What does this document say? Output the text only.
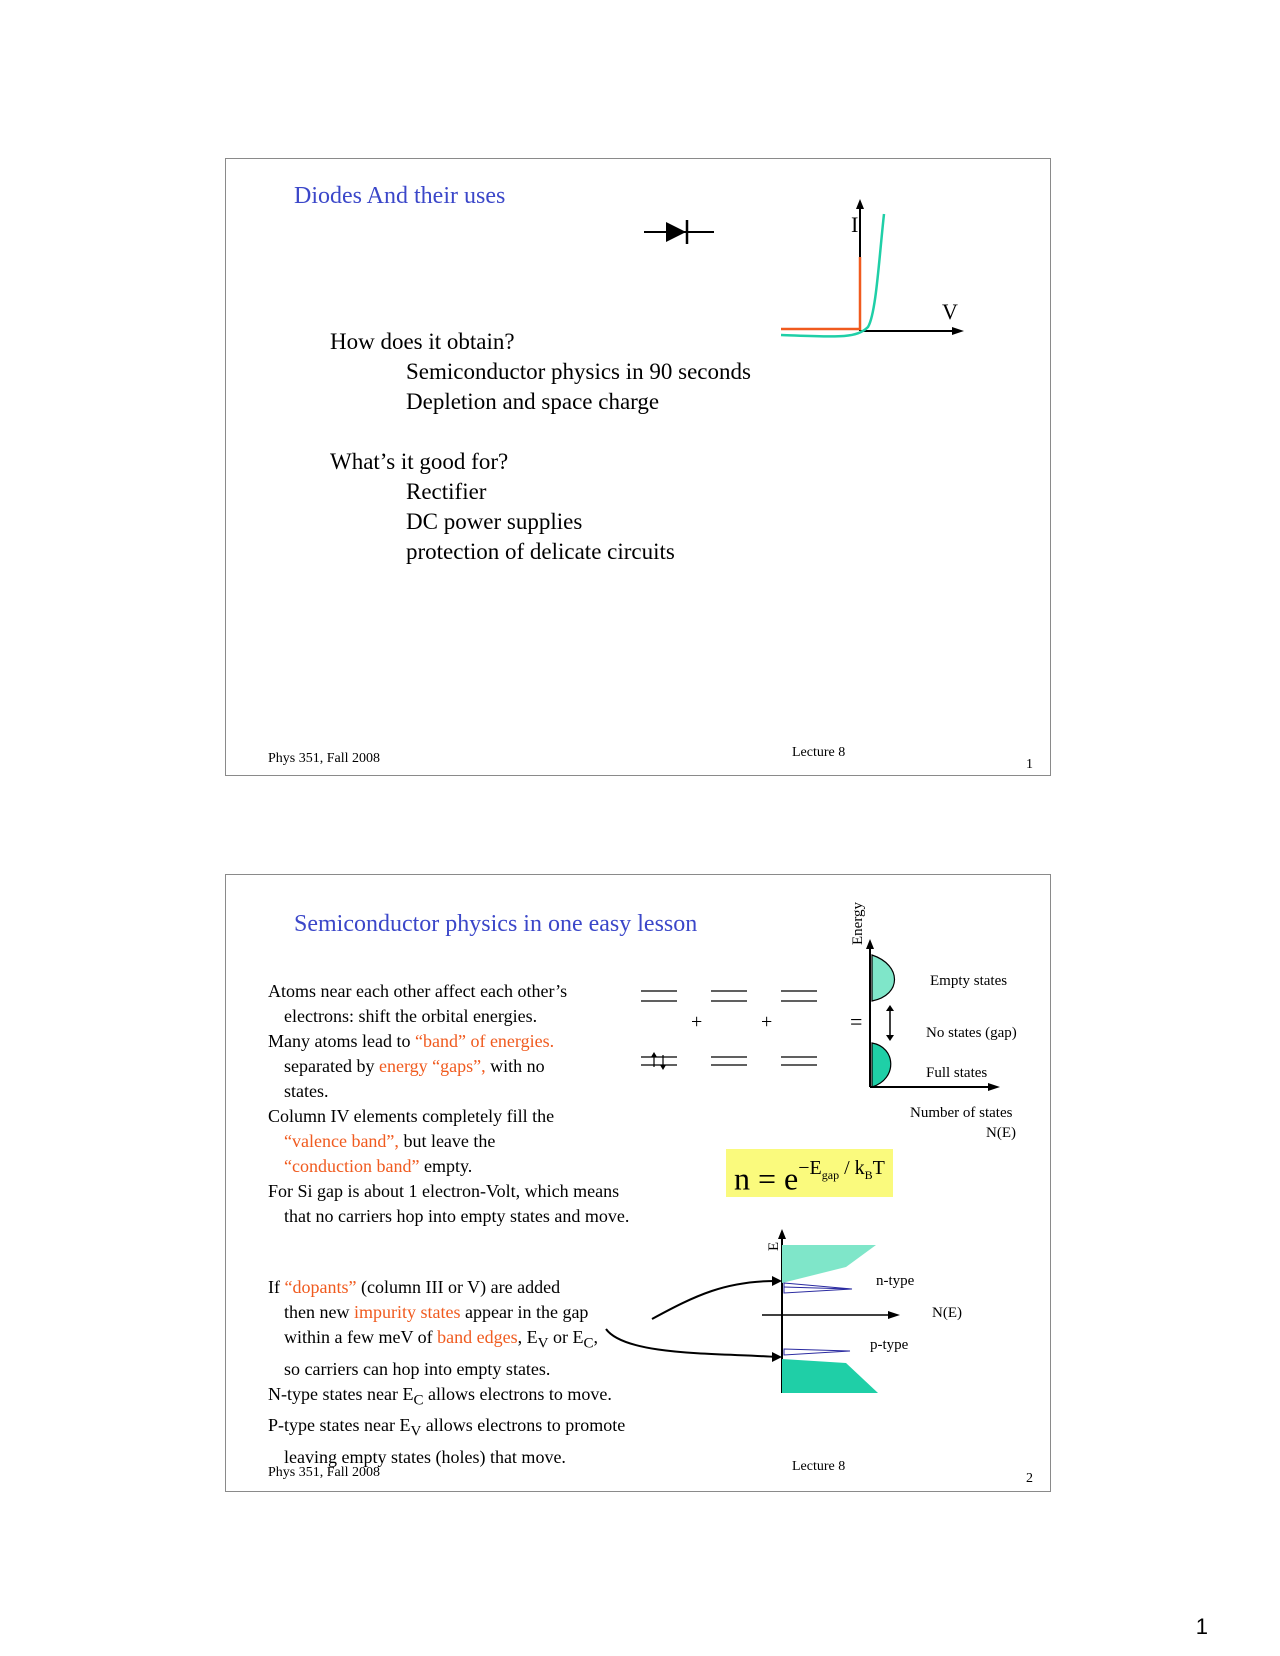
Diodes And their uses
I
V
How does it obtain?
Semiconductor physics in 90 seconds
Depletion and space charge
What’s it good for?
Rectifier
DC power supplies
protection of delicate circuits
Phys 351, Fall 2008	Lecture 8
1
Semiconductor physics in one easy lesson
Atoms near each other affect each other’s
electrons: shift the orbital energies.
Many atoms lead to “band” of energies.
separated by energy “gaps”, with no
states.
Column IV elements completely fill the
“valence band”, but leave the
“conduction band” empty.
For Si gap is about 1 electron-Volt, which means
that no carriers hop into empty states and move.
If “dopants” (column III or V) are added
then new impurity states appear in the gap
within a few meV of band edges, $E_V$ or $E_C$,
so carriers can hop into empty states.
N-type states near $E_C$ allows electrons to move.
P-type states near $E_V$ allows electrons to promote
leaving empty states (holes) that move.
+	+	=
Energy
Empty states
No states (gap)
Full states
Number of states
N(E)
$n = e^{-E_{gap} / k_BT}$
E
n-type
N(E)
p-type
Phys 351, Fall 2008	Lecture 8
2
1
